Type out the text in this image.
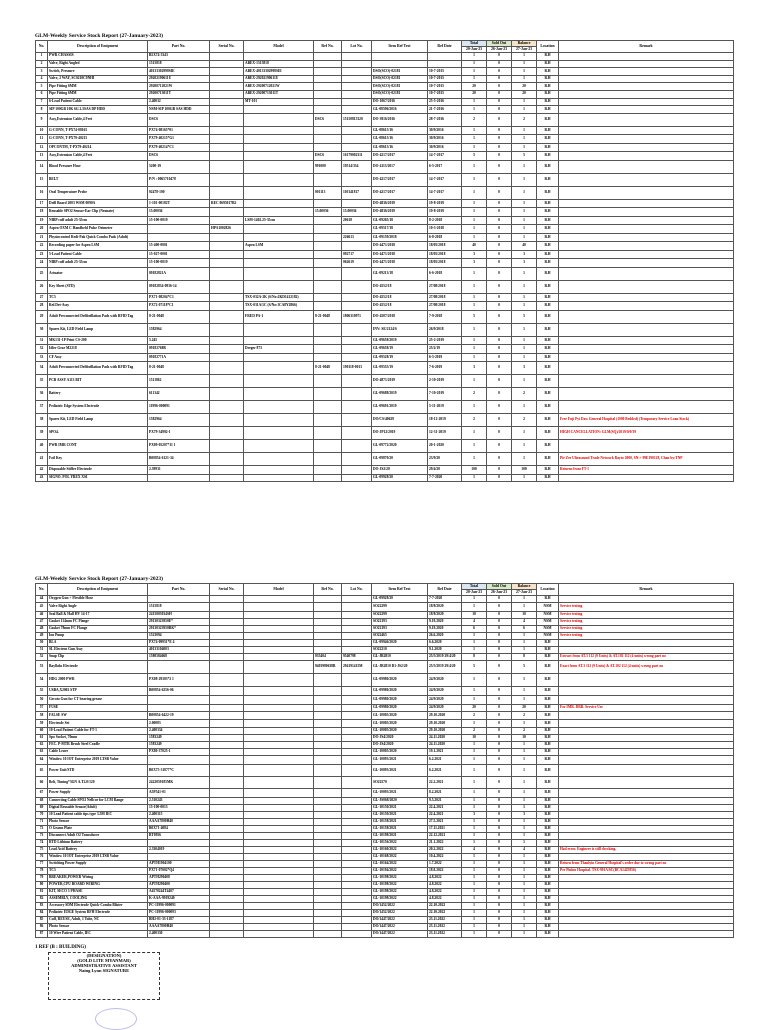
GLM-Weekly Service Stock Report (27-January-2023)
No.	Description of Emipment	Part No.	Serial No.	Model	Ref No.	Lot No.	Item Ref Text	Ref Date	Total	Sold Out	Balance	Location	Remark
									20-Jan-23	26-Jan-23	27-Jan-23		
1	PWR CHASSIS	B5X74-3343							1	0	1	B.H	
2	Valve, Right Angled	1515818		ABEX-1515818					1	0	1	B.H	
3	Switch, Pressure	40133302998SIE		ABEX-40133302998SIE			DSO(SCO)-02181	10-7-2015	1	0	1	B.H	
4	Valve, 2 WAY, SC0210C9NHI	29202190611U		ABEX-29202190611U			DSO(SCO)-02181	10-7-2015	1	0	1	B.H	
5	Pipe Fitting 6MM	29200712021W		ABEX-29200712021W			DSO(SCO)-02181	10-7-2015	20	0	20	B.H	
6	Pipe Fitting 6MM	29200713011T		ABEX-29200713011T			DSO(SCO)-02181	10-7-2015	20	0	20	B.H	
7	6-Lead Patient Cable	2.40032		MT-101			DO-1067/2016	25-5-2016	1	0	1	B.H	
8	SIP 100GB 10K 6G 2.5SAS DP HDD	NSM-SIP 100GB SAS HDD					GL-08596/2016	21-7-2016	1	0	1	B.H	
9	Assy,Extension Cable,4 Feet	DSC6			DSC6	15150815320	DO-3916/2016	28-7-2016	2	0	2	B.H	
10	G-CONN, T-PX74-08165	PX74-08165*01					GL-08615/16	30/9/2016	1	0	1	B.H	
11	G-CONN, T-PX79-40215	PX79-40215*G1					GL-08615/16	30/9/2016	1	0	1	B.H	
12	OPCONTM, T-PX79-40214	PX79-40214*C1					GL-08615/16	30/9/2016	1	0	1	B.H	
13	Assy,Extension Cable,4 Feet	DSC6			DSC6	16179002311	DO-4217/2017	14-7-2017	5	0	5	B.H	
14	Blood Pressure Hose	5200-19			991000	19514/334	DO-4113/2017	6-5-2017	1	0	1	B.H	
15	BELT	P/N : 0065710478					DO-4217/2017	14-7-2017	1	0	1	B.H	
16	Oral Temperature Probe	02478-100			001113	110341817	DO-4217/2017	14-7-2017	1	0	1	B.H	
17	Drill Board 2003 WSM 0090A	1-101-00182T	REC 0695017B2				DO-4836/2019	19-8-2019	1	0	1	B.H	
18	Reusable SPO2 Sensor-Ear Clip (Neonate)	15.00036			15.00036	15.00036	DO-4836/2019	19-8-2019	1	0	1	B.H	
19	NIBP cuff adult 25-35cm	15-100-0019		LSM-1402.25-35cm		20618	GL-09265/18	8-2-2018	1	0	1	B.H	
20	Aspen OXM C Handheld Pulse Oximeter		HPA1002826				GL-09517/18	10-3-2018	1	0	1	B.H	
21	Physiocontrol Redi-Pak Quick Combo Pads (Adult)					226613	GL-09159/2018	6-8-2018	1	0	1	B.H	
22	Recording paper for Aspen LSM	15-400-0001		Aspen LSM			DO-4471/2018	18/05/2018	40	0	40	B.H	
23	5-Lead Patient Cable	15-027-0001				092717	DO-4471/2018	18/05/2018	3	0	3	B.H	
24	NIBP cuff adult 25-35cm	15-100-0019				062619	DO-4471/2018	18/05/2018	3	0	3	B.H	
25	Actuator	09182821A					GL-09213/18	6-6-2018	1	0	1	B.H	
26	Key Sheet (STD)	09182834-0936-14					DO-4552/18	27/08/2018	1	0	1	B.H	
27	TC5	PX71-08204*C1		TSX-032A-2K (S/No:2KD1412182)			DO-4552/18	27/08/2018	1	0	1	B.H	
28	Ref.Det-Assy	PX72-07118*C1		TSX-031A/1C (S/No:1CA8Y2866)			DO-4552/18	27/08/2018	1	0	1	B.H	
29	Adult Preconnected Defibrillation Pads with RFID Tag	8-21-0048		FRED PA-1	8-21-0048	1806310971	DO-4507/2018	7-9-2018	5	0	5	B.H	
30	Spares Kit, LED Field Lamp	1582964					INV: SE/2124/S	26/9/2018	1	0	1	B.H	
31	MK131-1P Print CS-200	5.245					GL-09658/2019	25-2-2019	1	0	1	B.H	
32	Idler Gear M2218	09182768B		Dreger 873			GL-09658/19	25/2/19	1	0	1	B.H	
33	CF Assy	09182771A					GL-09528/19	6-5-2019	1	0	1	B.H	
34	Adult Preconnected Defibrillation Pads with RFID Tag	8-21-0048			8-21-0048	190118-0013	GL-09555/19	7-6-2019	3	0	3	B.H	
35	PCB ASSY A113 BIT	1511862					DO-4871/2019	2-10-2019	1	0	1	B.H	
36	Battery	611342					GL-09688/2019	7-10-2019	2	0	2	B.H	
37	Pediatric Edge System Electrode	11996-000091					GL-09691/2019	5-11-2019	1	0	1	B.H	
38	Spares Kit, LED Field Lamp	1582964					DO/CS/40629	18-12-2019	2	0	2	B.H	Free Fuji Pyi Daw General Hospital (1000 Bedded) (Temporary Service Loan Stock)
39	SPO4.	PX79-34992-1					DO-JP12/2019	12-31-2019	1	0	1	B.H	HIGH CANCELLATION: GLM(SQ)/2019/0/0/39
40	PWR IMR CONT	PX09-05207*11 1					GL-09772/2020	20-1-2020	1	0	1	B.H	
41	Foil Key	B00854-6121-34					GL-09870/20	23/9/20	1	0	1	B.H	Pie Zee Ultrasound Trade Network Rayto 2000, SN:+ 99E190128, Chan by:TNP
42	Disposable Stiffer Electrode	2.39931					DO-JS2/20	29/4/20	100	0	100	B.H	Returns from FT-1
43	SIGNO. POL YREX XSI						GL-09928/20	7-7-2020	1	0	1	B.H	
GLM-Weekly Service Stock Report (27-January-2023)
No.	Description of Emipment	Part No.	Serial No.	Model	Ref No.	Lot No.	Item Ref Text	Ref Date	Total	Sold Out	Balance	Location	Remark
									20-Jan-23	26-Jan-23	27-Jan-23		
44	Oxygen Gun + Flexible Hose						GL-09928/20	7-7-2020	1	0	1	B.H	
45	Valve Right Angle	1515818					SO22299	18/8/2020	1	0	1	NSM	Service testing
46	Seal Ball & Hall HV 14-17	2415003034SH					SO22299	18/8/2020	10	0	10	NSM	Service testing
47	Gasket 114mm FC Flange	29130323950E*					SO22193	9.19.2020	4	0	4	NSM	Service testing
48	Gasket 78mm FC Flange	29130323950RK*					SO22193	9.19.2020	6	0	6	NSM	Service testing
49	Ion Pump	1523094					SO22465	26.6.2020	1	0	1	NSM	Service testing
50	BLA	PX74-09951*E 4					GL-09946/2020	6.6.2020	1	0	1	B.H	
51	SL Electron Gun Assy	40133104003					SO22210	9.1.2020	1	0	1	B.H	
52	Snap Clip	1580584668			035404	9540798	GL-JB2810	25/5/2019 29/4/20	8	0	8	B.H	Extract from AT.3 112 (9 Units) & AT.102 112 (4 units) wrong part no
53	Bayllabs Electrode				9403980638B	294191415M	GL-JB2810 D1-JS2/20	25/5/2019 29/4/20	5	0	5	B.H	Exact from AT.3 112 (9 Units) & AT.102 112 (4 units) wrong part no
54	HDG 2000 PWR	PX08-29303*2 1					GL-09980/2020	24/9/2020	1	0	1	B.H	
55	USBA,X2002 STP	B00854-6256-06					GL-09980/2020	24/9/2020	1	0	1	B.H	
56	Gecoto Gun for CT bearing grease						GL-09980/2020	24/9/2020	1	0	1	B.H	
57	FUSE						GL-09980/2020	24/9/2020	20	0	20	B.H	For IMR. DRR. Service Use
58	FALSE SW	B00854-6422-19					GL-10005/2020	29.10.2020	2	0	2	B.H	
59	Electrode Set	2.00083					GL-10005/2020	29.10.2020	1	0	1	B.H	
60	10-Lead Patient Cable for FT-1	2.400334					GL-10005/2020	29.10.2020	2	0	2	B.H	
61	Spo Socket, 70mm	1583249					DO-JS4/2020	24.11.2020	10	0	10	B.H	
62	FEC. P-MTR Brush Steel Cradle	1583249					DO-JS4/2020	24.11.2020	1	0	1	B.H	
63	Cable Leave	PX80-37025-1					GL-10005/2020	19.1.2021	1	0	1	B.H	
64	Window 10 IOT Enterprise 2019 LTSB Value						GL-10093/2021	6.2.2021	1	0	1	B.H	
65	Power Unit/STD	B0X75-31877*C					GL-10093/2021	6.2.2021	1	0	1	B.H	
66	Belt, Timing*3GN A.T2.0/120	2422059185MK					SO22570	22.2.2021	1	0	1	B.H	
67	Power Supply	A5P541-01					GL-10093/2021	8.2.2021	1	0	1	B.H	
68	Connecting Cable SPO2 Nellcor for LCM Range	2.510243					GL-JS068/2020	9.5.2021	1	0	1	B.H	
69	Digital Reusable Sensor(Adult)	15-100-0013					GL-10150/2021	22.4.2021	1	0	1	B.H	
70	10 Lead Patient cable tips type 3.5M IEC	2.400315					GL-10150/2021	22.4.2021	3	0	3	B.H	
71	Photo Sensor	AAAA7800H40					GL-10158/2021	27.5.2021	1	0	1	B.H	
72	O Grams Plate	B0X71-4084					GL-10158/2021	17.11.2021	1	0	1	B.H	
73	Disconnect Adult O2 Transducer	BT0956					GL-10198/2021	22.12.2021	1	0	1	B.H	
74	RTD Lithium Battery						GL-10156/2022	21.1.2022	1	0	1	B.H	
75	Lead Acid Battery	2.3304019					GL-10160/2022	20.2.2022	4	0	4	B.H	Had error. Engineer is still checking.
76	Window 10 IOT Enterprise 2019 LTSB Value						GL-10168/2022	10.4.2022	1	0	1	B.H	
77	Switching Power Supply	APTH1904100					GL-10164/2022	1.7.2022	1	0	1	B.H	Return from Thanlyin General Hospital's order due to wrong part no
78	TC5	PX71-07002*Q4					GL-10194/2022	18.8.2022	1	0	1	B.H	Per Pinlon Hospital. TSX-901A/6C(BCA1425856)
79	BREAKER,POWER Wiring	APTH290408					GL-10198/2022	4.8.2022	1	0	1	B.H	
80	POWER,CPU BOARD WIRING	APTH290400					GL-10198/2022	4.8.2022	1	0	1	B.H	
81	KIT, SECO 3 PHASE	A4570244T4407					GL-10198/2022	4.8.2022	1	0	1	B.H	
82	ASSEMBLY, COOLING	K-AAA-9919240					GL-10198/2022	4.8.2022	1	0	1	B.H	
83	Accessory SDM Electrode Quick-Combo Blister	PC-11996-000091					DO/1452/2022	22.10.2022	1	0	1	B.H	
84	Pediatric EDGE System RFH Electrode	PC-11996-000093					DO/1452/2022	22.10.2022	1	0	1	B.H	
85	Cuff, REUSE, Adult, 1 Tube, NC	BH2-01-33-1187					DO/1447/2022	23.11.2022	1	0	1	B.H	
86	Photo Sensor	AAAA7800H40					DO/1447/2022	23.11.2022	1	0	1	B.H	
87	10 Wire Patient Cable, IEC	2.400330					DO/1447/2022	23.11.2022	1	0	1	B.H	
1 REF (B : BUILDING)
(DESIGNATION)
(GOLD LITE MYANMAR)
ADMINISTRATIVE ASSISTANT
Naing Lynn SIGNATURE
